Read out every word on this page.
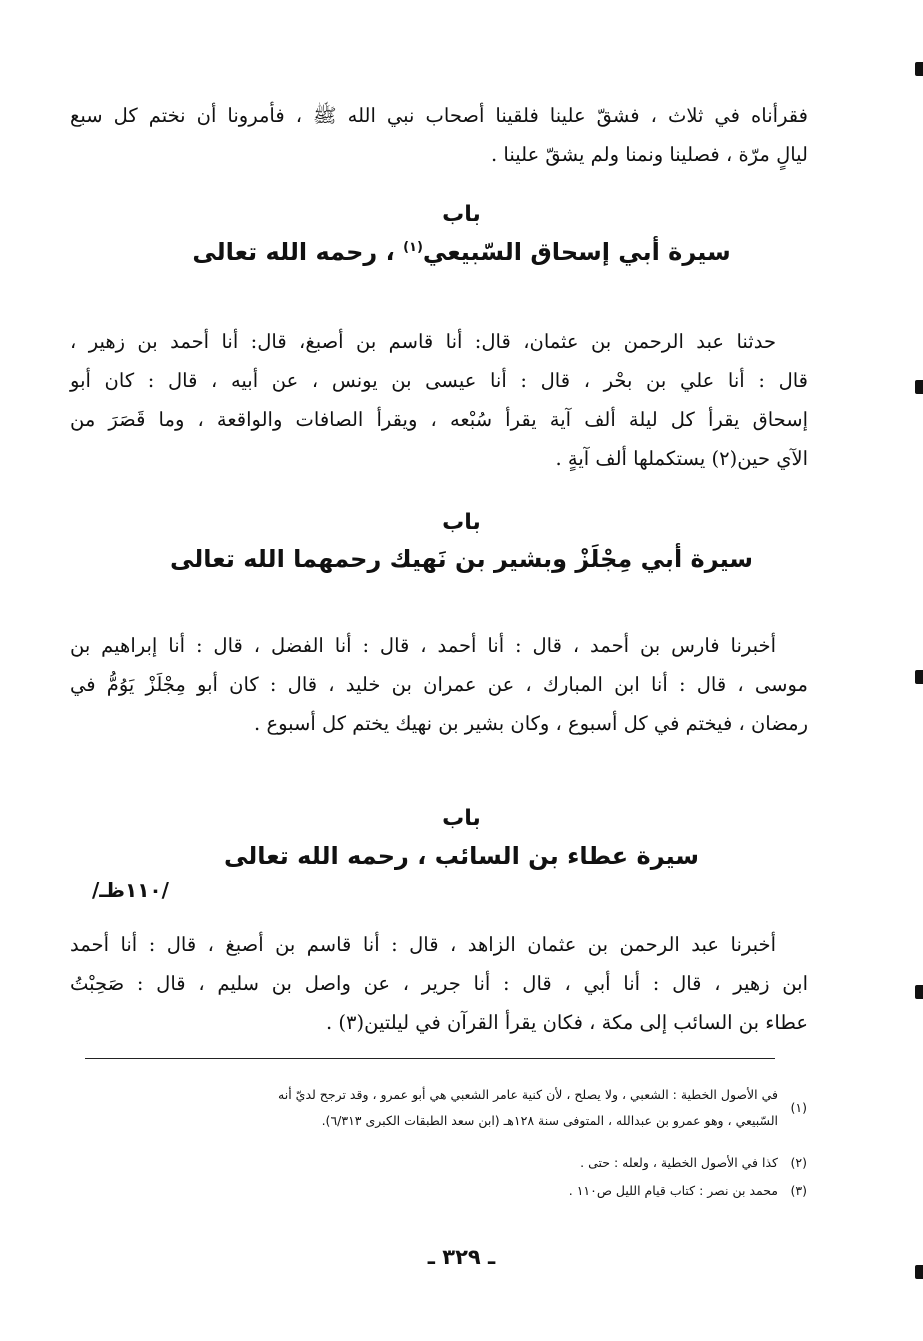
فقرأناه في ثلاث ، فشقّ علينا فلقينا أصحاب نبي الله ﷺ ، فأمرونا أن نختم كل سبع
ليالٍ مرّة ، فصلينا ونمنا ولم يشقّ علينا .

باب
سيرة أبي إسحاق السّبيعي$^{(١)}$ ، رحمه الله تعالى

حدثنا عبد الرحمن بن عثمان، قال: أنا قاسم بن أصبغ، قال: أنا أحمد بن زهير ،
قال : أنا علي بن بحْر ، قال : أنا عيسى بن يونس ، عن أبيه ، قال : كان أبو
إسحاق يقرأ كل ليلة ألف آية يقرأ سُبْعه ، ويقرأ الصافات والواقعة ، وما قَصَرَ من
الآي حين(٢) يستكملها ألف آيةٍ .

باب
سيرة أبي مِجْلَزْ وبشير بن نَهيك رحمهما الله تعالى

أخبرنا فارس بن أحمد ، قال : أنا أحمد ، قال : أنا الفضل ، قال : أنا إبراهيم بن
موسى ، قال : أنا ابن المبارك ، عن عمران بن خليد ، قال : كان أبو مِجْلَزْ يَوُمُّ في
رمضان ، فيختم في كل أسبوع ، وكان بشير بن نهيك يختم كل أسبوع .

باب
سيرة عطاء بن السائب ، رحمه الله تعالى
/١١٠ظـ/

أخبرنا عبد الرحمن بن عثمان الزاهد ، قال : أنا قاسم بن أصبغ ، قال : أنا أحمد
ابن زهير ، قال : أنا أبي ، قال : أنا جرير ، عن واصل بن سليم ، قال : صَحِبْتُ
عطاء بن السائب إلى مكة ، فكان يقرأ القرآن في ليلتين(٣) .

(١)
في الأصول الخطية : الشعبي ، ولا يصلح ، لأن كنية عامر الشعبي هي أبو عمرو ، وقد ترجح لديّ أنه
السّبيعي ، وهو عمرو بن عبدالله ، المتوفى سنة ١٢٨هـ (ابن سعد الطبقات الكبرى ٦/٣١٣).
(٢)
كذا في الأصول الخطية ، ولعله : حتى .
(٣)
محمد بن نصر : كتاب قيام الليل ص١١٠ .
ـ ٣٢٩ ـ
